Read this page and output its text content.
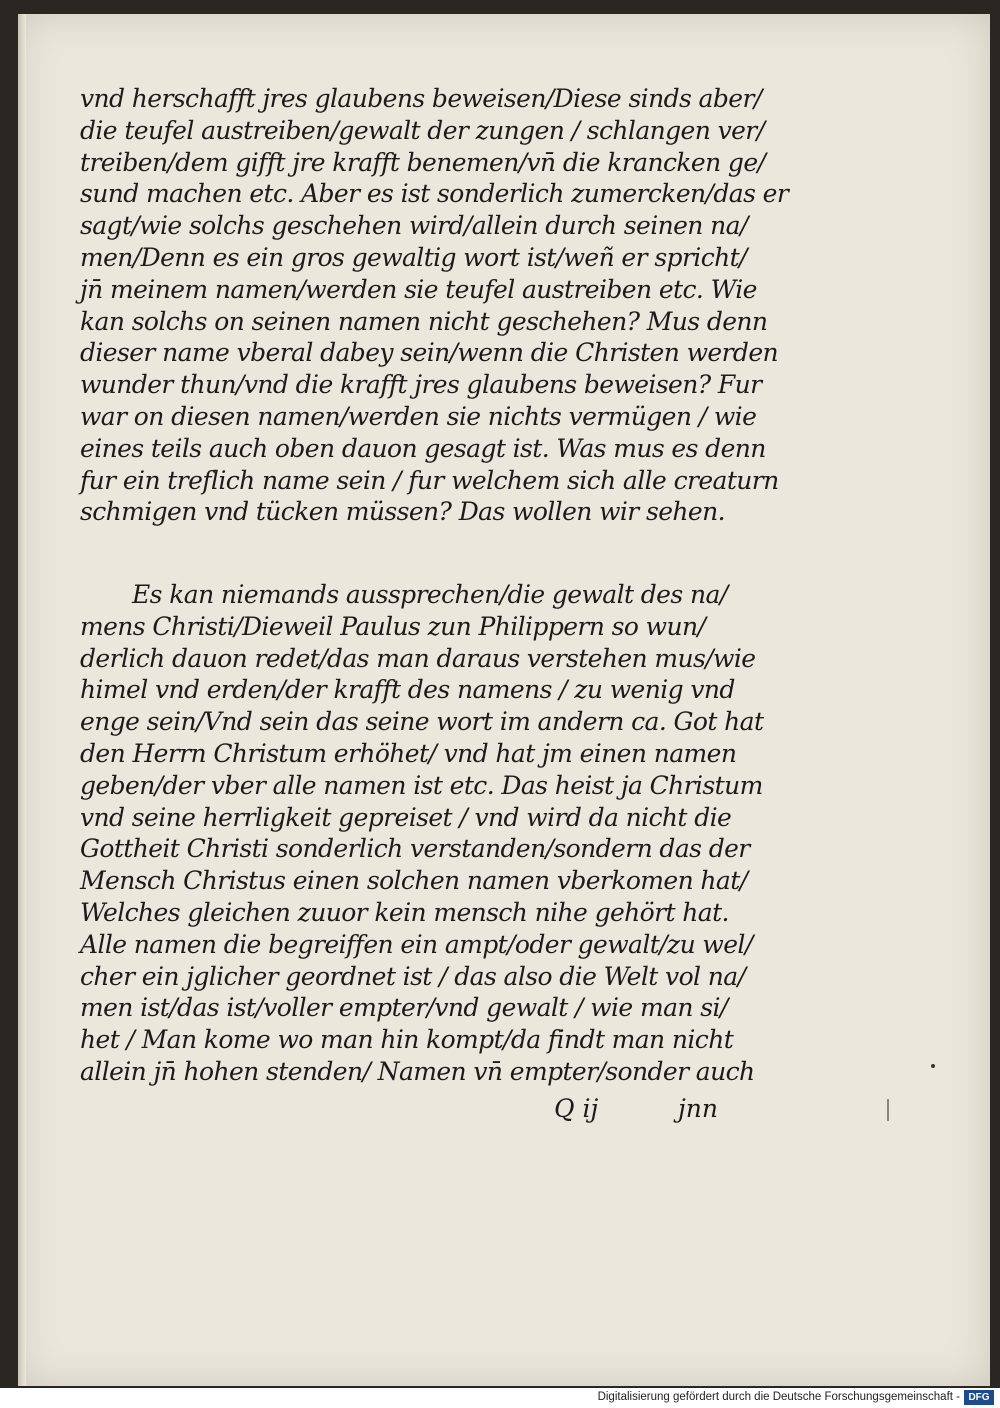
vnd herschafft jres glaubens beweisen/Diese sinds aber/
die teufel austreiben/gewalt der zungen / schlangen ver/
treiben/dem gifft jre krafft benemen/vn̄ die krancken ge/
sund machen etc. Aber es ist sonderlich zumercken/das er
sagt/wie solchs geschehen wird/allein durch seinen na/
men/Denn es ein gros gewaltig wort ist/weñ er spricht/
jn̄ meinem namen/werden sie teufel austreiben etc. Wie
kan solchs on seinen namen nicht geschehen? Mus denn
dieser name vberal dabey sein/wenn die Christen werden
wunder thun/vnd die krafft jres glaubens beweisen? Fur
war on diesen namen/werden sie nichts vermügen / wie
eines teils auch oben dauon gesagt ist. Was mus es denn
fur ein treflich name sein / fur welchem sich alle creaturn
schmigen vnd tücken müssen? Das wollen wir sehen.
Es kan niemands aussprechen/die gewalt des na/
mens Christi/Dieweil Paulus zun Philippern so wun/
derlich dauon redet/das man daraus verstehen mus/wie
himel vnd erden/der krafft des namens / zu wenig vnd
enge sein/Vnd sein das seine wort im andern ca. Got hat
den Herrn Christum erhöhet/ vnd hat jm einen namen
geben/der vber alle namen ist etc. Das heist ja Christum
vnd seine herrligkeit gepreiset / vnd wird da nicht die
Gottheit Christi sonderlich verstanden/sondern das der
Mensch Christus einen solchen namen vberkomen hat/
Welches gleichen zuuor kein mensch nihe gehört hat.
Alle namen die begreiffen ein ampt/oder gewalt/zu wel/
cher ein jglicher geordnet ist / das also die Welt vol na/
men ist/das ist/voller empter/vnd gewalt / wie man si/
het / Man kome wo man hin kompt/da findt man nicht
allein jn̄ hohen stenden/ Namen vn̄ empter/sonder auch
Q ij	jnn
Digitalisierung gefördert durch die Deutsche Forschungsgemeinschaft - DFG
